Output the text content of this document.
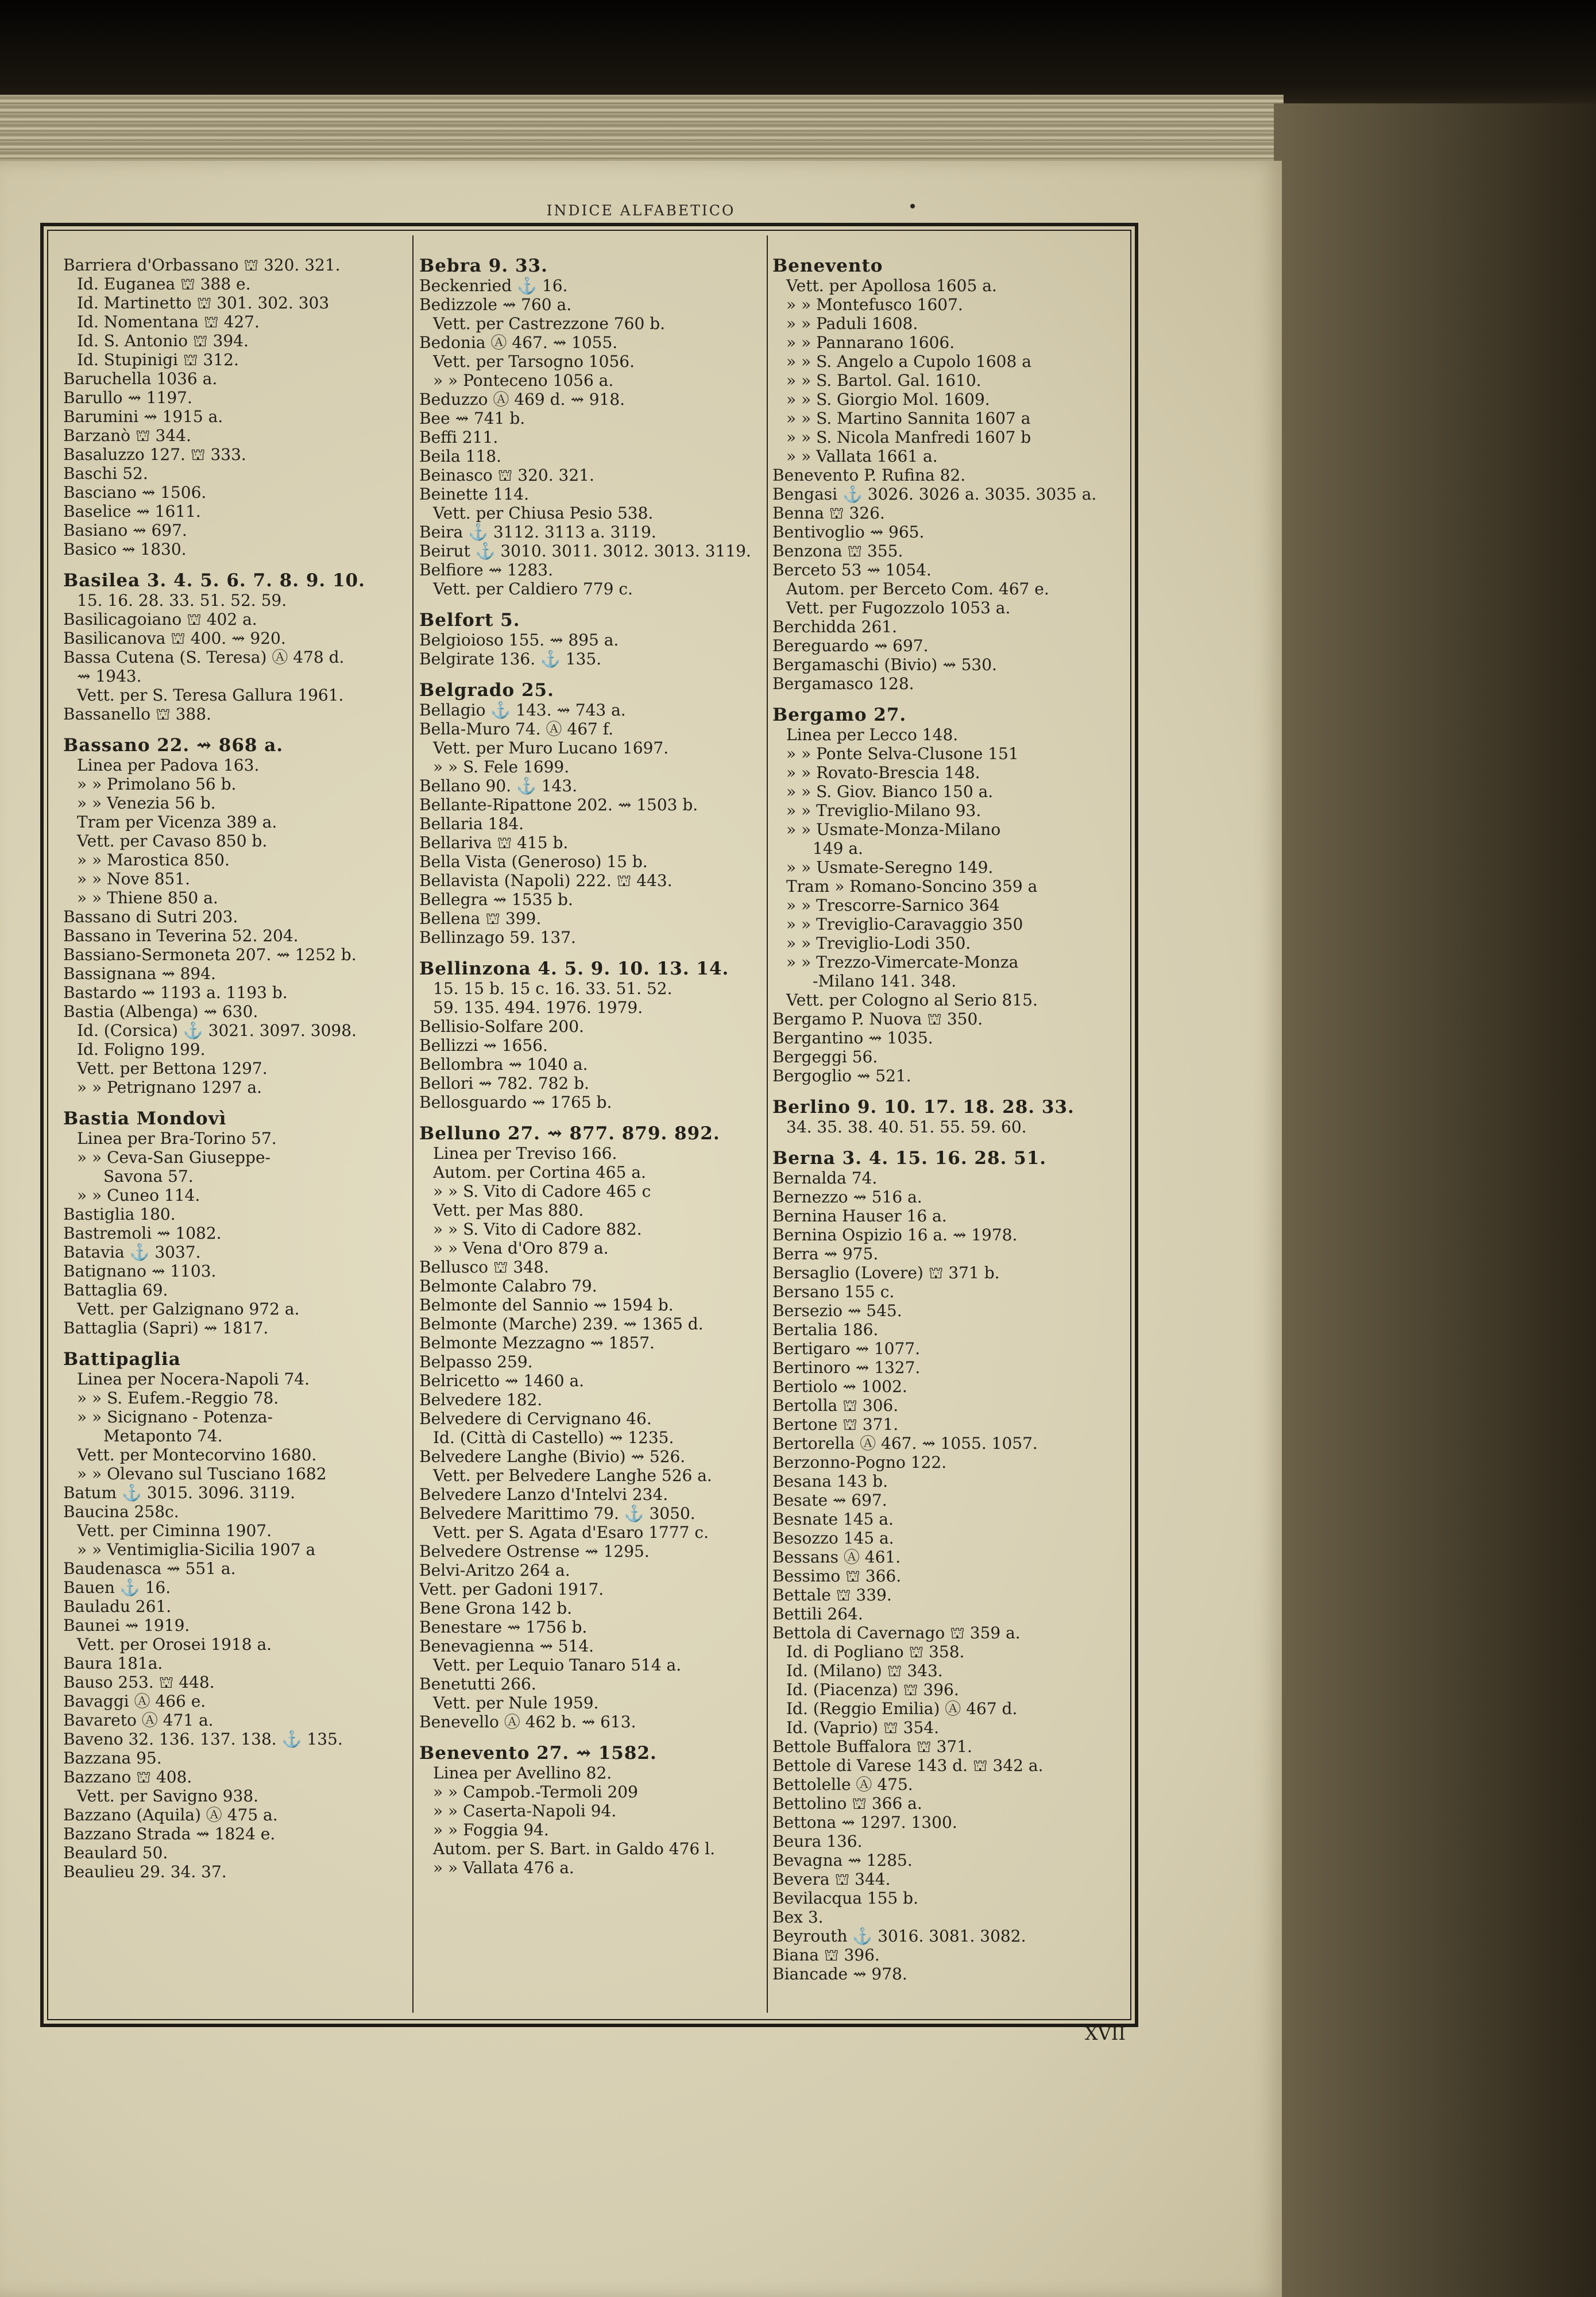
INDICE ALFABETICO
Barriera d'Orbassano ⛫ 320. 321.
Id. Euganea ⛫ 388 e.
Id. Martinetto ⛫ 301. 302. 303
Id. Nomentana ⛫ 427.
Id. S. Antonio ⛫ 394.
Id. Stupinigi ⛫ 312.
Baruchella 1036 a.
Barullo ⇝ 1197.
Barumini ⇝ 1915 a.
Barzanò ⛫ 344.
Basaluzzo 127. ⛫ 333.
Baschi 52.
Basciano ⇝ 1506.
Baselice ⇝ 1611.
Basiano ⇝ 697.
Basico ⇝ 1830.
Basilea 3. 4. 5. 6. 7. 8. 9. 10.
15. 16. 28. 33. 51. 52. 59.
Basilicagoiano ⛫ 402 a.
Basilicanova ⛫ 400. ⇝ 920.
Bassa Cutena (S. Teresa) Ⓐ 478 d.
⇝ 1943.
Vett. per S. Teresa Gallura 1961.
Bassanello ⛫ 388.
Bassano 22. ⇝ 868 a.
Linea per Padova 163.
» » Primolano 56 b.
» » Venezia 56 b.
Tram per Vicenza 389 a.
Vett. per Cavaso 850 b.
» » Marostica 850.
» » Nove 851.
» » Thiene 850 a.
Bassano di Sutri 203.
Bassano in Teverina 52. 204.
Bassiano-Sermoneta 207. ⇝ 1252 b.
Bassignana ⇝ 894.
Bastardo ⇝ 1193 a. 1193 b.
Bastia (Albenga) ⇝ 630.
Id. (Corsica) ⚓ 3021. 3097. 3098.
Id. Foligno 199.
Vett. per Bettona 1297.
» » Petrignano 1297 a.
Bastia Mondovì
Linea per Bra-Torino 57.
» » Ceva-San Giuseppe-
Savona 57.
» » Cuneo 114.
Bastiglia 180.
Bastremoli ⇝ 1082.
Batavia ⚓ 3037.
Batignano ⇝ 1103.
Battaglia 69.
Vett. per Galzignano 972 a.
Battaglia (Sapri) ⇝ 1817.
Battipaglia
Linea per Nocera-Napoli 74.
» » S. Eufem.-Reggio 78.
» » Sicignano - Potenza-
Metaponto 74.
Vett. per Montecorvino 1680.
» » Olevano sul Tusciano 1682
Batum ⚓ 3015. 3096. 3119.
Baucina 258c.
Vett. per Ciminna 1907.
» » Ventimiglia-Sicilia 1907 a
Baudenasca ⇝ 551 a.
Bauen ⚓ 16.
Bauladu 261.
Baunei ⇝ 1919.
Vett. per Orosei 1918 a.
Baura 181a.
Bauso 253. ⛫ 448.
Bavaggi Ⓐ 466 e.
Bavareto Ⓐ 471 a.
Baveno 32. 136. 137. 138. ⚓ 135.
Bazzana 95.
Bazzano ⛫ 408.
Vett. per Savigno 938.
Bazzano (Aquila) Ⓐ 475 a.
Bazzano Strada ⇝ 1824 e.
Beaulard 50.
Beaulieu 29. 34. 37.
Bebra 9. 33.
Beckenried ⚓ 16.
Bedizzole ⇝ 760 a.
Vett. per Castrezzone 760 b.
Bedonia Ⓐ 467. ⇝ 1055.
Vett. per Tarsogno 1056.
» » Ponteceno 1056 a.
Beduzzo Ⓐ 469 d. ⇝ 918.
Bee ⇝ 741 b.
Beffi 211.
Beila 118.
Beinasco ⛫ 320. 321.
Beinette 114.
Vett. per Chiusa Pesio 538.
Beira ⚓ 3112. 3113 a. 3119.
Beirut ⚓ 3010. 3011. 3012. 3013. 3119.
Belfiore ⇝ 1283.
Vett. per Caldiero 779 c.
Belfort 5.
Belgioioso 155. ⇝ 895 a.
Belgirate 136. ⚓ 135.
Belgrado 25.
Bellagio ⚓ 143. ⇝ 743 a.
Bella-Muro 74. Ⓐ 467 f.
Vett. per Muro Lucano 1697.
» » S. Fele 1699.
Bellano 90. ⚓ 143.
Bellante-Ripattone 202. ⇝ 1503 b.
Bellaria 184.
Bellariva ⛫ 415 b.
Bella Vista (Generoso) 15 b.
Bellavista (Napoli) 222. ⛫ 443.
Bellegra ⇝ 1535 b.
Bellena ⛫ 399.
Bellinzago 59. 137.
Bellinzona 4. 5. 9. 10. 13. 14.
15. 15 b. 15 c. 16. 33. 51. 52.
59. 135. 494. 1976. 1979.
Bellisio-Solfare 200.
Bellizzi ⇝ 1656.
Bellombra ⇝ 1040 a.
Bellori ⇝ 782. 782 b.
Bellosguardo ⇝ 1765 b.
Belluno 27. ⇝ 877. 879. 892.
Linea per Treviso 166.
Autom. per Cortina 465 a.
» » S. Vito di Cadore 465 c
Vett. per Mas 880.
» » S. Vito di Cadore 882.
» » Vena d'Oro 879 a.
Bellusco ⛫ 348.
Belmonte Calabro 79.
Belmonte del Sannio ⇝ 1594 b.
Belmonte (Marche) 239. ⇝ 1365 d.
Belmonte Mezzagno ⇝ 1857.
Belpasso 259.
Belricetto ⇝ 1460 a.
Belvedere 182.
Belvedere di Cervignano 46.
Id. (Città di Castello) ⇝ 1235.
Belvedere Langhe (Bivio) ⇝ 526.
Vett. per Belvedere Langhe 526 a.
Belvedere Lanzo d'Intelvi 234.
Belvedere Marittimo 79. ⚓ 3050.
Vett. per S. Agata d'Esaro 1777 c.
Belvedere Ostrense ⇝ 1295.
Belvi-Aritzo 264 a.
Vett. per Gadoni 1917.
Bene Grona 142 b.
Benestare ⇝ 1756 b.
Benevagienna ⇝ 514.
Vett. per Lequio Tanaro 514 a.
Benetutti 266.
Vett. per Nule 1959.
Benevello Ⓐ 462 b. ⇝ 613.
Benevento 27. ⇝ 1582.
Linea per Avellino 82.
» » Campob.-Termoli 209
» » Caserta-Napoli 94.
» » Foggia 94.
Autom. per S. Bart. in Galdo 476 l.
» » Vallata 476 a.
Benevento
Vett. per Apollosa 1605 a.
» » Montefusco 1607.
» » Paduli 1608.
» » Pannarano 1606.
» » S. Angelo a Cupolo 1608 a
» » S. Bartol. Gal. 1610.
» » S. Giorgio Mol. 1609.
» » S. Martino Sannita 1607 a
» » S. Nicola Manfredi 1607 b
» » Vallata 1661 a.
Benevento P. Rufina 82.
Bengasi ⚓ 3026. 3026 a. 3035. 3035 a.
Benna ⛫ 326.
Bentivoglio ⇝ 965.
Benzona ⛫ 355.
Berceto 53 ⇝ 1054.
Autom. per Berceto Com. 467 e.
Vett. per Fugozzolo 1053 a.
Berchidda 261.
Bereguardo ⇝ 697.
Bergamaschi (Bivio) ⇝ 530.
Bergamasco 128.
Bergamo 27.
Linea per Lecco 148.
» » Ponte Selva-Clusone 151
» » Rovato-Brescia 148.
» » S. Giov. Bianco 150 a.
» » Treviglio-Milano 93.
» » Usmate-Monza-Milano
149 a.
» » Usmate-Seregno 149.
Tram » Romano-Soncino 359 a
» » Trescorre-Sarnico 364
» » Treviglio-Caravaggio 350
» » Treviglio-Lodi 350.
» » Trezzo-Vimercate-Monza
-Milano 141. 348.
Vett. per Cologno al Serio 815.
Bergamo P. Nuova ⛫ 350.
Bergantino ⇝ 1035.
Bergeggi 56.
Bergoglio ⇝ 521.
Berlino 9. 10. 17. 18. 28. 33.
34. 35. 38. 40. 51. 55. 59. 60.
Berna 3. 4. 15. 16. 28. 51.
Bernalda 74.
Bernezzo ⇝ 516 a.
Bernina Hauser 16 a.
Bernina Ospizio 16 a. ⇝ 1978.
Berra ⇝ 975.
Bersaglio (Lovere) ⛫ 371 b.
Bersano 155 c.
Bersezio ⇝ 545.
Bertalia 186.
Bertigaro ⇝ 1077.
Bertinoro ⇝ 1327.
Bertiolo ⇝ 1002.
Bertolla ⛫ 306.
Bertone ⛫ 371.
Bertorella Ⓐ 467. ⇝ 1055. 1057.
Berzonno-Pogno 122.
Besana 143 b.
Besate ⇝ 697.
Besnate 145 a.
Besozzo 145 a.
Bessans Ⓐ 461.
Bessimo ⛫ 366.
Bettale ⛫ 339.
Bettili 264.
Bettola di Cavernago ⛫ 359 a.
Id. di Pogliano ⛫ 358.
Id. (Milano) ⛫ 343.
Id. (Piacenza) ⛫ 396.
Id. (Reggio Emilia) Ⓐ 467 d.
Id. (Vaprio) ⛫ 354.
Bettole Buffalora ⛫ 371.
Bettole di Varese 143 d. ⛫ 342 a.
Bettolelle Ⓐ 475.
Bettolino ⛫ 366 a.
Bettona ⇝ 1297. 1300.
Beura 136.
Bevagna ⇝ 1285.
Bevera ⛫ 344.
Bevilacqua 155 b.
Bex 3.
Beyrouth ⚓ 3016. 3081. 3082.
Biana ⛫ 396.
Biancade ⇝ 978.
XVII
